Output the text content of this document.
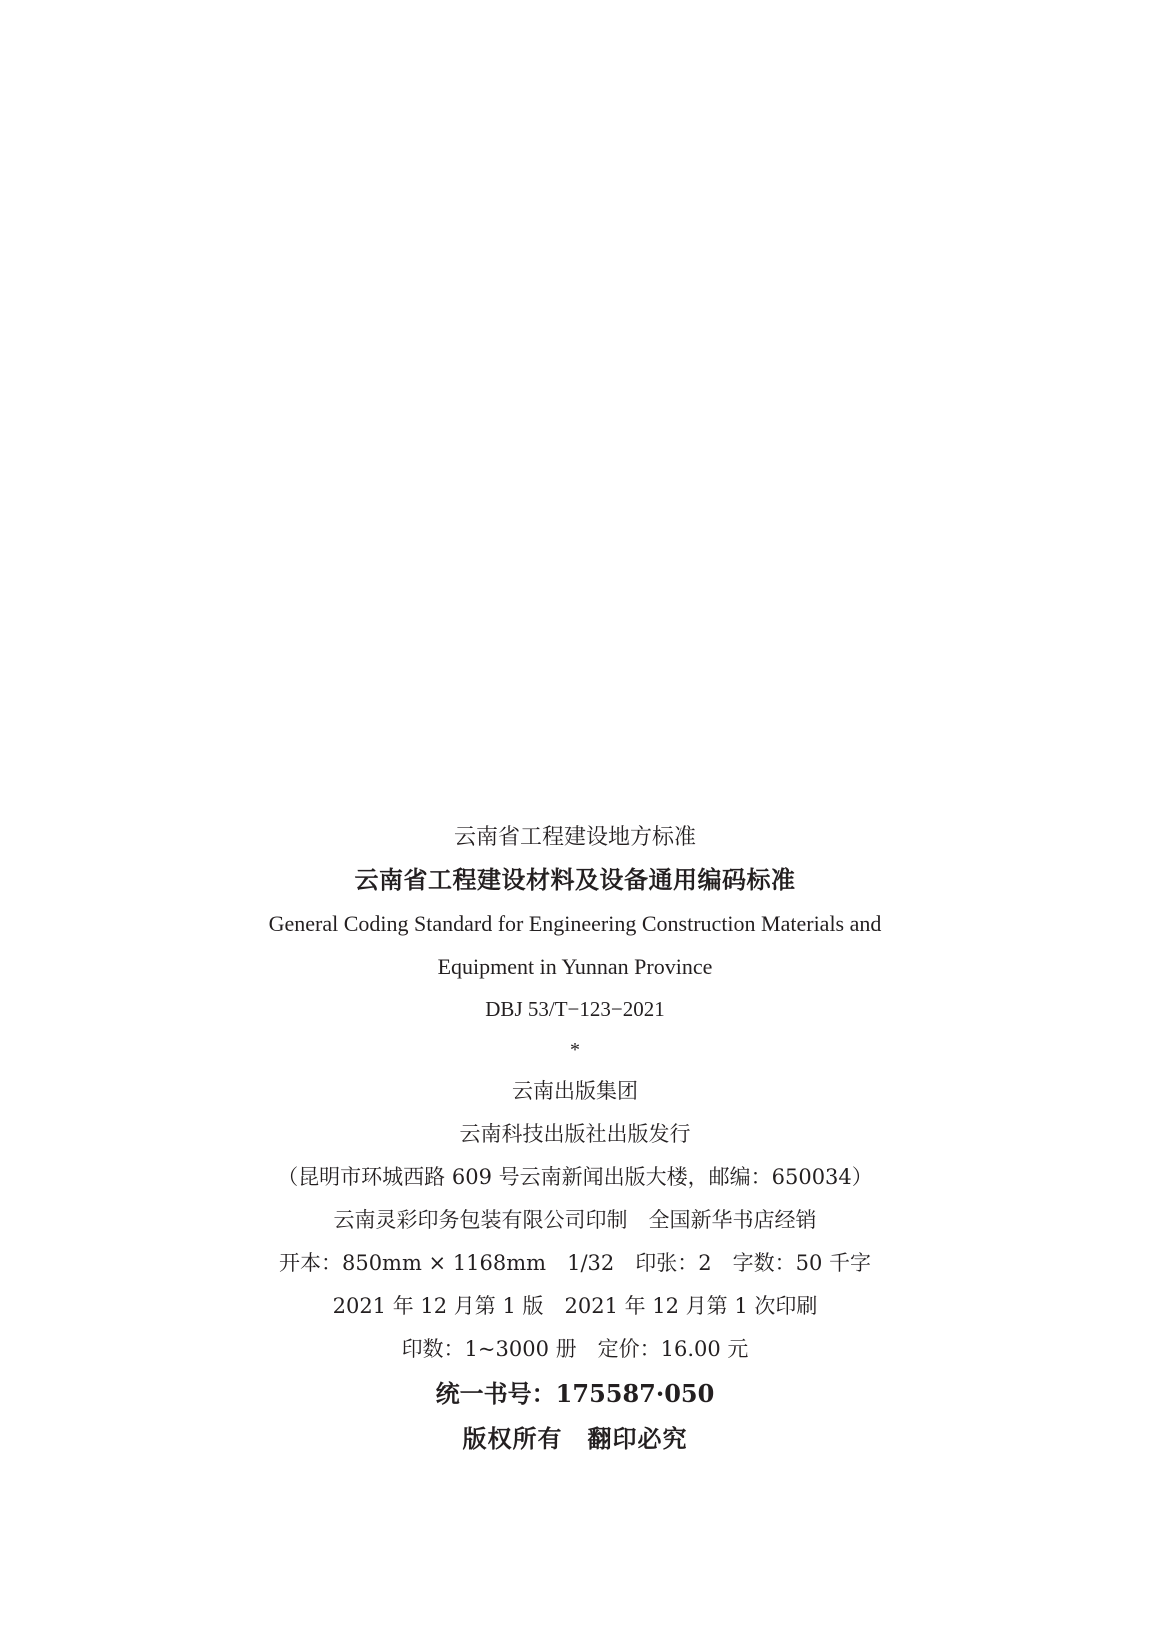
云南省工程建设地方标准
云南省工程建设材料及设备通用编码标准
General Coding Standard for Engineering Construction Materials and
Equipment in Yunnan Province
DBJ 53/T−123−2021
*
云南出版集团
云南科技出版社出版发行
（昆明市环城西路 609 号云南新闻出版大楼，邮编：650034）
云南灵彩印务包装有限公司印制　全国新华书店经销
开本：850mm × 1168mm　1/32　印张：2　字数：50 千字
2021 年 12 月第 1 版　2021 年 12 月第 1 次印刷
印数：1~3000 册　定价：16.00 元
统一书号：175587·050
版权所有　翻印必究
